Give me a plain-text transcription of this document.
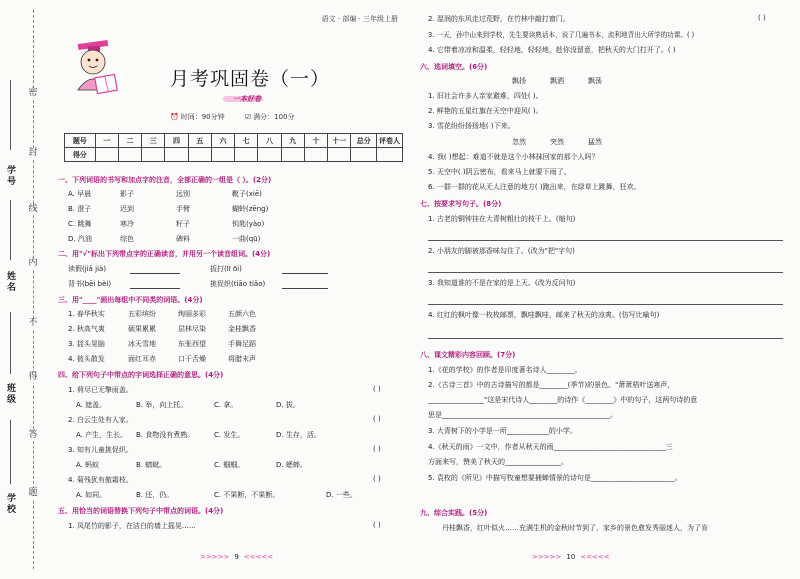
密
封
线
内
不
得
答
题
学号
姓名
班级
学校
语文 · 部编 · 三年级上册
月考巩固卷（一）
一本好卷
⏰ 时间：90分钟	☑ 满分：100分
题号	一	二	三	四	五	六	七	八	九	十	十一	总分	评卷人
得分													
一、下列词语的书写和加点字的注音，全部正确的一组是（ ）。(2分)
A. 早晨	影子	远别	靴子(xiē)
B. 澄子	迟到	手臂	蝴蛉(zēng)
C. 跳舞	寒冷	籽子	钥匙(yào)
D. 汽油	综色	碑料	一曲(qū)
二、用"√"标出下列带点字的正确读音，并用另一个读音组词。(4分)
读假(jiǎ jià)	扳打(lī ōi)
背书(bēi bèi)	挑促织(tiāo tiǎo)
三、用"____"画出每组中不同类的词语。(4分)
1. 春华秋实	五彩缤纷	绚丽多彩	五颜六色
2. 秋高气爽	硕果累累	层林尽染	金桂飘香
3. 揺头晃脑	冰天雪地	东张西望	手舞足蹈
4. 披头散发	面红耳赤	口干舌燥	将腊末声
四、给下列句子中带点的字词选择正确的意思。(4分)
1. 荷尽已无擎雨盖。	( )
A. 遮盖。	B. 举，向上托。	C. 拿。	D. 拔。
2. 白云生处有人家。	( )
A. 产生，生长。 B. 食物没有煮熟。	C. 发生。	D. 生存，活。
3. 知有儿童挑促织。	( )
A. 蚂蚁	B. 蜻蜓。	C. 蝈蝈。	D. 蟋蟀。
4. 菊残犹有傲霜枝。	( )
A. 如同。	B. 还，仍。	C. 不果断，不果断。	D. 一些。
五、用恰当的词语替换下列句子中带点的词语。(4分)
1. 凤尾竹的影子，在洁白的墙上摇晃……	( )
>>>>> 9 <<<<<
2. 湿润的东风走过荒野，在竹林中敲打窗门。	( )
3. 一天，孙中山来到学校，先生要读熟话本，说了几遍书本，流利地背出大所学的功课。( )
4. 它带着凉凉和温柔，轻轻地，轻轻地，趁你没留意，把秋天的大门打开了。( )
六、选词填空。(6分)
飘扬	飘洒	飘荡
1. 旧社会许多人亲家避难，四处( )。
2. 鲜艳的五星红旗在天空中迎风( )。
3. 雪花纷纷扬扬地( )下来。
忽然	突然	猛然
4. 我( )想起：难道不就是这个小林抹回家的那个人吗？
5. 天空中( )阴云密布，看来马上就要下雨了。
6. 一群一群的花从无人注意的地方( )跑出来，在绿草上跳舞，狂欢。
七、按要求写句子。(8分)
1. 古老的铜钟挂在大青树粗壮的枝干上。(缩句)
2. 小朋友的脚被那香味勾住了。(改为"把"字句)
3. 我知道谁的不是在家的是上天。(改为反问句)
4. 红红的枫叶像一枚枚邮票，飘哇飘哇，邮来了秋天的凉爽。(仿写比喻句)
八、课文精彩内容回顾。(7分)
1.《花的学校》的作者是印度著名诗人________。
2.《古诗三首》中的古诗描写的都是________(季节)的景色。"萧萧梧叶送寒声，
________________"这是宋代诗人________的诗作《________》中的句子，这两句诗的意
思是________________________________________________。
3. 大青树下的小学是一所____________的小学。
4.《秋天的雨》一文中，作者从秋天的雨________________________________三
方面来写，赞美了秋天的________________。
5. 袁枚的《所见》中描写牧童想要捕蝉情景的诗句是________________________。
九、综合实践。(5分)
丹桂飘香，红叶似火……充满生机的金秋时节到了，家乡的景色愈发秀丽迷人，为了肯
>>>>> 10 <<<<<
